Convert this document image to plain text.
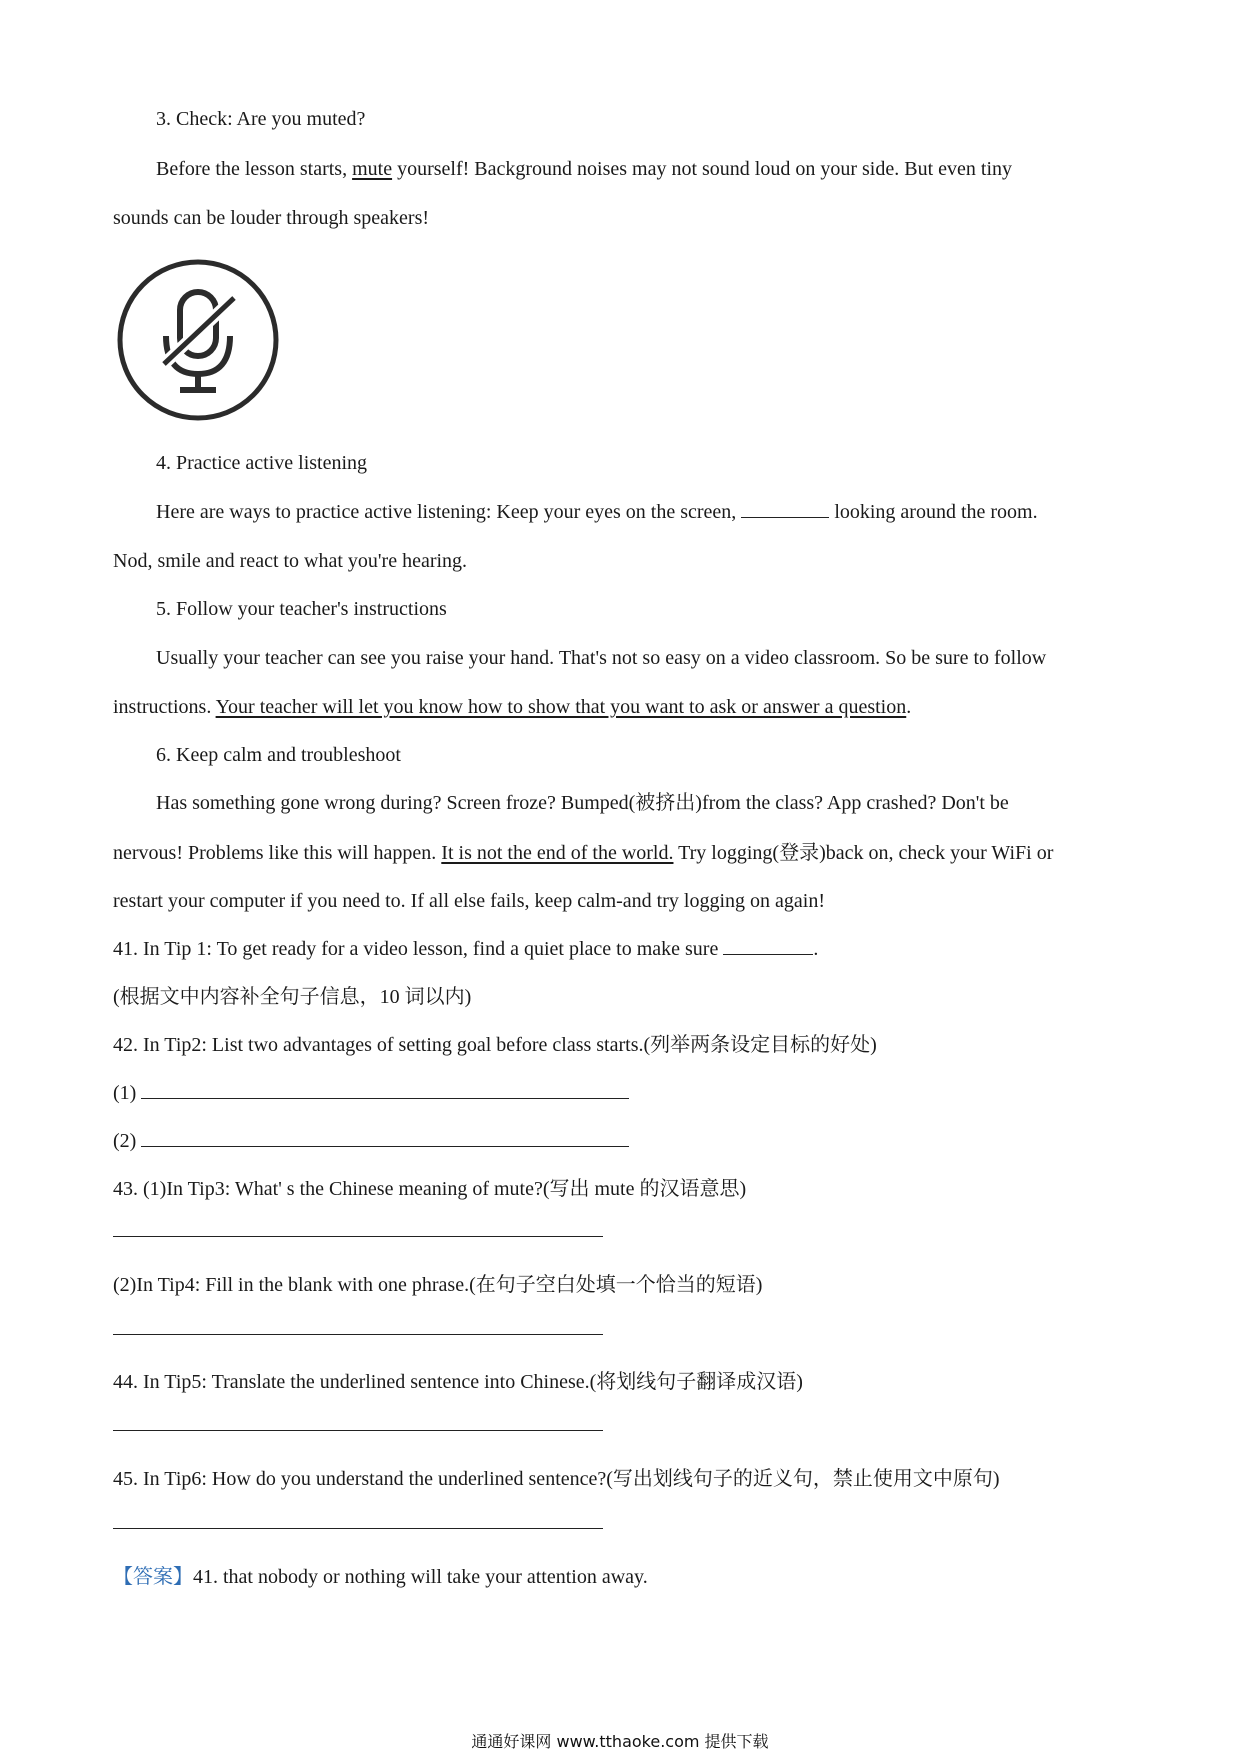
3. Check: Are you muted?
Before the lesson starts, mute yourself! Background noises may not sound loud on your side. But even tiny
sounds can be louder through speakers!
4. Practice active listening
Here are ways to practice active listening: Keep your eyes on the screen,	looking around the room.
Nod, smile and react to what you're hearing.
5. Follow your teacher's instructions
Usually your teacher can see you raise your hand. That's not so easy on a video classroom. So be sure to follow
instructions. Your teacher will let you know how to show that you want to ask or answer a question.
6. Keep calm and troubleshoot
Has something gone wrong during? Screen froze? Bumped(被挤出)from the class? App crashed? Don't be
nervous! Problems like this will happen. It is not the end of the world. Try logging(登录)back on, check your WiFi or
restart your computer if you need to. If all else fails, keep calm-and try logging on again!
41. In Tip 1: To get ready for a video lesson, find a quiet place to make sure	.
(根据文中内容补全句子信息，10 词以内)
42. In Tip2: List two advantages of setting goal before class starts.(列举两条设定目标的好处)
(1)
(2)
43. (1)In Tip3: What' s the Chinese meaning of mute?(写出 mute 的汉语意思)
(2)In Tip4: Fill in the blank with one phrase.(在句子空白处填一个恰当的短语)
44. In Tip5: Translate the underlined sentence into Chinese.(将划线句子翻译成汉语)
45. In Tip6: How do you understand the underlined sentence?(写出划线句子的近义句，禁止使用文中原句)
【答案】41. that nobody or nothing will take your attention away.
通通好课网 www.tthaoke.com 提供下载
